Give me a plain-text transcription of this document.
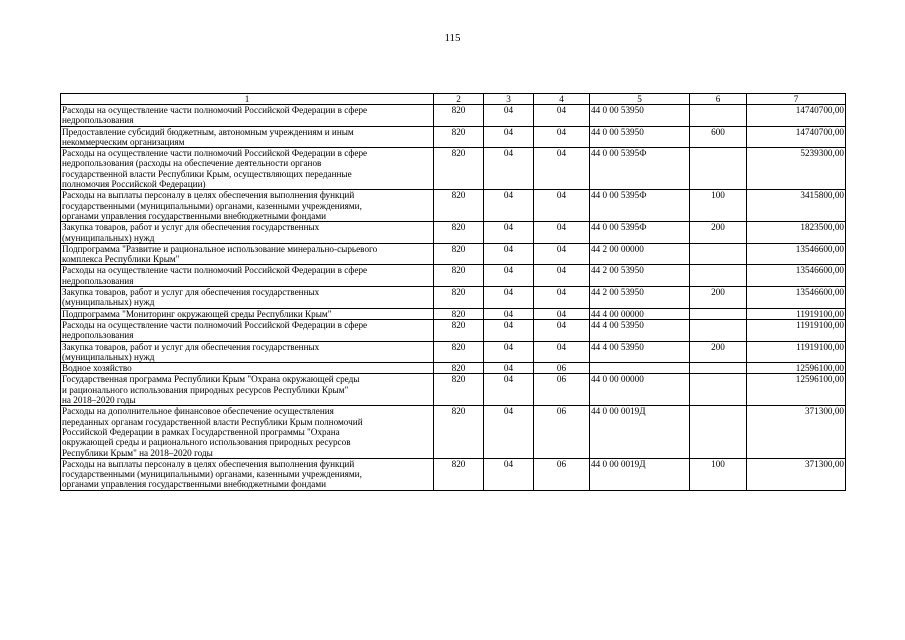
115
1	2	3	4	5	6	7
Расходы на осуществление части полномочий Российской Федерации в сфере
недропользования	820	04	04	44 0 00 53950		14740700,00
Предоставление субсидий бюджетным, автономным учреждениям и иным
некоммерческим организациям	820	04	04	44 0 00 53950	600	14740700,00
Расходы на осуществление части полномочий Российской Федерации в сфере
недропользования (расходы на обеспечение деятельности органов
государственной власти Республики Крым, осуществляющих переданные
полномочия Российской Федерации)	820	04	04	44 0 00 5395Ф		5239300,00
Расходы на выплаты персоналу в целях обеспечения выполнения функций
государственными (муниципальными) органами, казенными учреждениями,
органами управления государственными внебюджетными фондами	820	04	04	44 0 00 5395Ф	100	3415800,00
Закупка товаров, работ и услуг для обеспечения государственных
(муниципальных) нужд	820	04	04	44 0 00 5395Ф	200	1823500,00
Подпрограмма "Развитие и рациональное использование минерально-сырьевого
комплекса Республики Крым"	820	04	04	44 2 00 00000		13546600,00
Расходы на осуществление части полномочий Российской Федерации в сфере
недропользования	820	04	04	44 2 00 53950		13546600,00
Закупка товаров, работ и услуг для обеспечения государственных
(муниципальных) нужд	820	04	04	44 2 00 53950	200	13546600,00
Подпрограмма "Мониторинг окружающей среды Республики Крым"	820	04	04	44 4 00 00000		11919100,00
Расходы на осуществление части полномочий Российской Федерации в сфере
недропользования	820	04	04	44 4 00 53950		11919100,00
Закупка товаров, работ и услуг для обеспечения государственных
(муниципальных) нужд	820	04	04	44 4 00 53950	200	11919100,00
Водное хозяйство	820	04	06			12596100,00
Государственная программа Республики Крым "Охрана окружающей среды
и рационального использования природных ресурсов Республики Крым"
на 2018–2020 годы	820	04	06	44 0 00 00000		12596100,00
Расходы на дополнительное финансовое обеспечение осуществления
переданных органам государственной власти Республики Крым полномочий
Российской Федерации в рамках Государственной программы "Охрана
окружающей среды и рационального использования природных ресурсов
Республики Крым" на 2018–2020 годы	820	04	06	44 0 00 0019Д		371300,00
Расходы на выплаты персоналу в целях обеспечения выполнения функций
государственными (муниципальными) органами, казенными учреждениями,
органами управления государственными внебюджетными фондами	820	04	06	44 0 00 0019Д	100	371300,00
